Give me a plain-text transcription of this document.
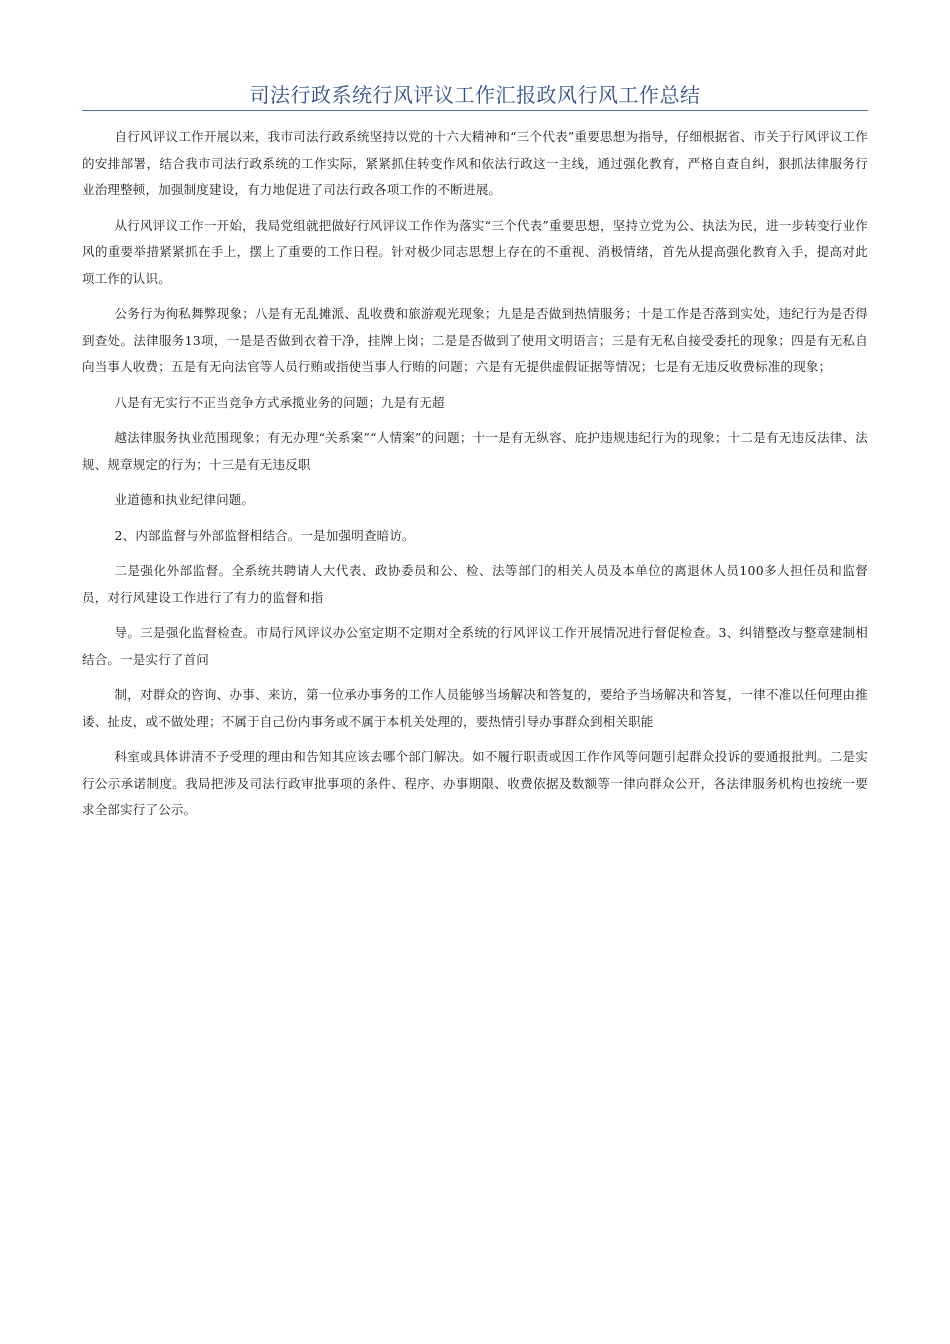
司法行政系统行风评议工作汇报政风行风工作总结

自行风评议工作开展以来，我市司法行政系统坚持以党的十六大精神和“三个代表”重要思想为指导，仔细根据省、市关于行风评议工作的安排部署，结合我市司法行政系统的工作实际，紧紧抓住转变作风和依法行政这一主线，通过强化教育，严格自查自纠，狠抓法律服务行业治理整顿，加强制度建设，有力地促进了司法行政各项工作的不断进展。

从行风评议工作一开始，我局党组就把做好行风评议工作作为落实“三个代表”重要思想，坚持立党为公、执法为民，进一步转变行业作风的重要举措紧紧抓在手上，摆上了重要的工作日程。针对极少同志思想上存在的不重视、消极情绪，首先从提高强化教育入手，提高对此项工作的认识。

公务行为徇私舞弊现象；八是有无乱摊派、乱收费和旅游观光现象；九是是否做到热情服务；十是工作是否落到实处，违纪行为是否得到查处。法律服务13项，一是是否做到衣着干净，挂牌上岗；二是是否做到了使用文明语言；三是有无私自接受委托的现象；四是有无私自向当事人收费；五是有无向法官等人员行贿或指使当事人行贿的问题；六是有无提供虚假证据等情况；七是有无违反收费标准的现象；

八是有无实行不正当竞争方式承揽业务的问题；九是有无超

越法律服务执业范围现象；有无办理“关系案”“人情案”的问题；十一是有无纵容、庇护违规违纪行为的现象；十二是有无违反法律、法规、规章规定的行为；十三是有无违反职

业道德和执业纪律问题。

2、内部监督与外部监督相结合。一是加强明查暗访。

二是强化外部监督。全系统共聘请人大代表、政协委员和公、检、法等部门的相关人员及本单位的离退休人员100多人担任员和监督员，对行风建设工作进行了有力的监督和指

导。三是强化监督检查。市局行风评议办公室定期不定期对全系统的行风评议工作开展情况进行督促检查。3、纠错整改与整章建制相结合。一是实行了首问

制，对群众的咨询、办事、来访，第一位承办事务的工作人员能够当场解决和答复的，要给予当场解决和答复，一律不准以任何理由推诿、扯皮，或不做处理；不属于自己份内事务或不属于本机关处理的，要热情引导办事群众到相关职能

科室或具体讲清不予受理的理由和告知其应该去哪个部门解决。如不履行职责或因工作作风等问题引起群众投诉的要通报批判。二是实行公示承诺制度。我局把涉及司法行政审批事项的条件、程序、办事期限、收费依据及数额等一律向群众公开，各法律服务机构也按统一要求全部实行了公示。
